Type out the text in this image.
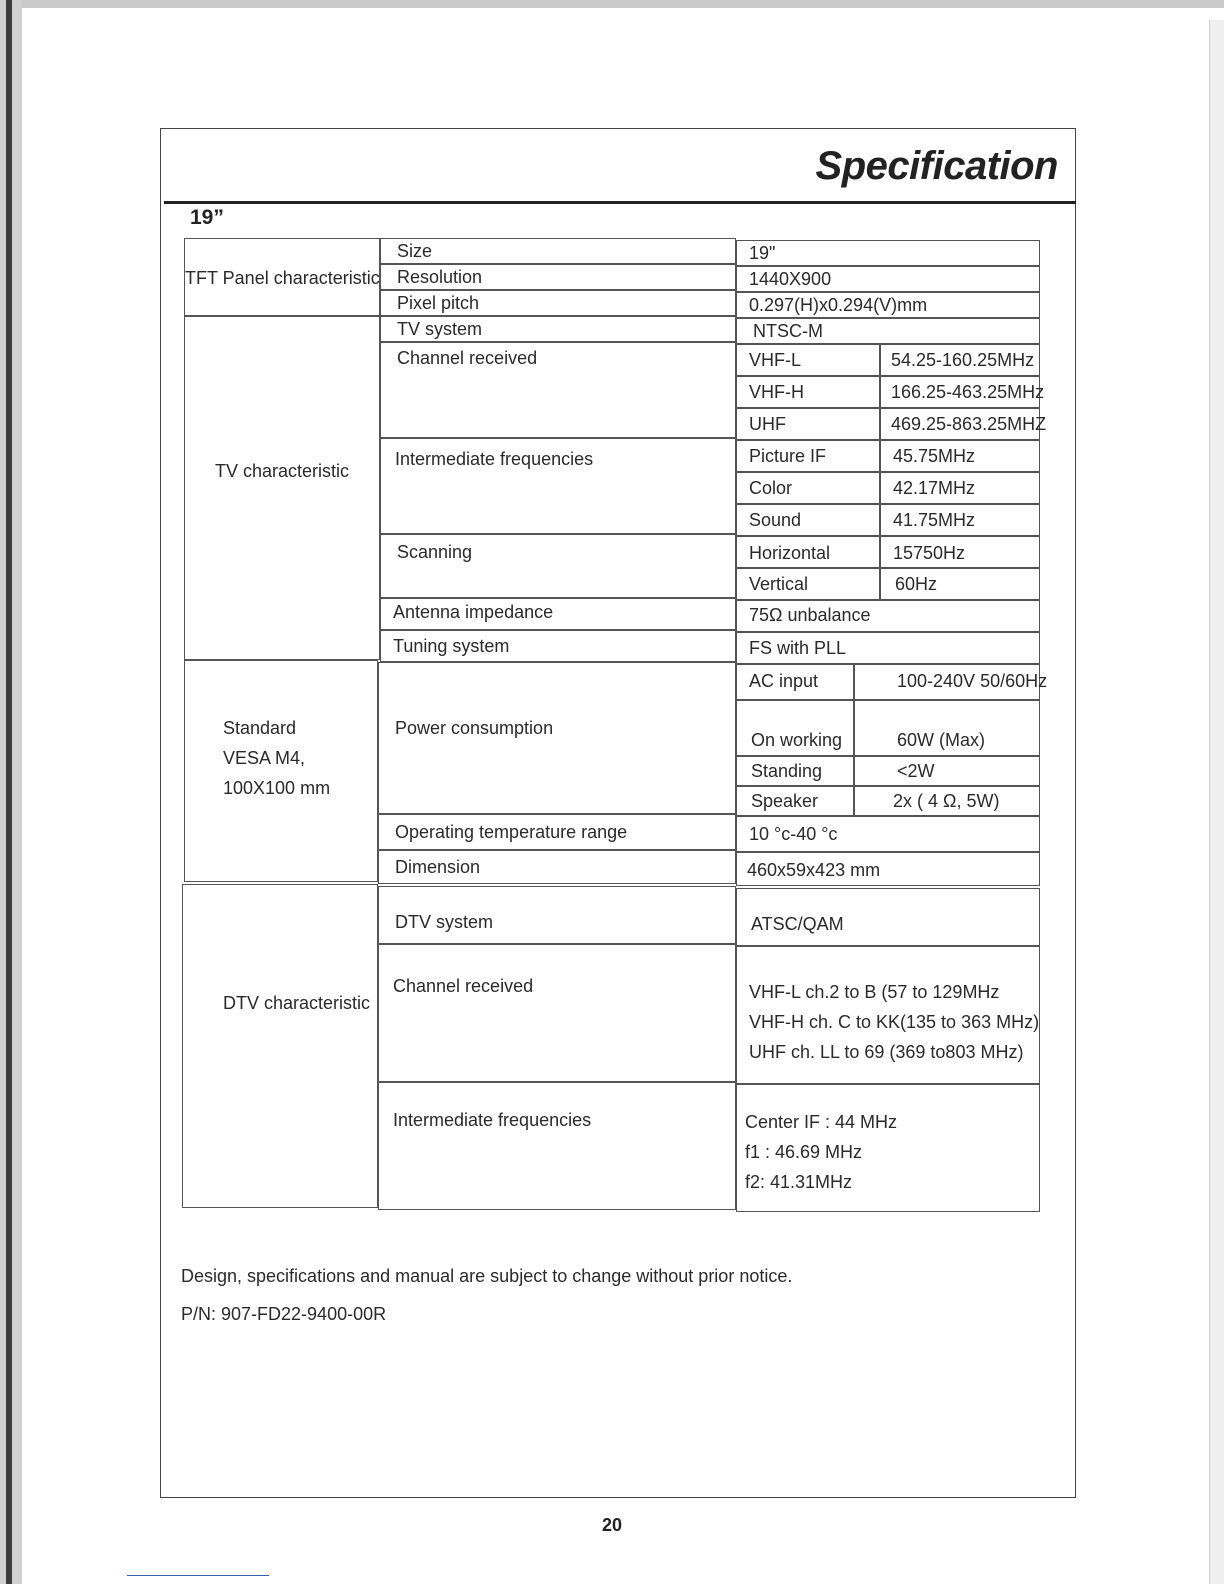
Specification
19”
TFT Panel characteristic
Size	19"
Resolution	1440X900
Pixel pitch	0.297(H)x0.294(V)mm
TV characteristic
TV system	NTSC-M
Channel received	VHF-L	54.25-160.25MHz
VHF-H	166.25-463.25MHz
UHF	469.25-863.25MHZ
Intermediate frequencies	Picture IF	45.75MHz
Color	42.17MHz
Sound	41.75MHz
Scanning	Horizontal	15750Hz
Vertical	60Hz
Antenna impedance	75Ω unbalance
Tuning system	FS with PLL
Standard
VESA M4,
100X100 mm
Power consumption
AC input	100-240V 50/60Hz
On working	60W (Max)
Standing	<2W
Speaker	2x ( 4 Ω, 5W)
Operating temperature range	10 °c-40 °c
Dimension	460x59x423 mm
DTV characteristic
DTV system	ATSC/QAM
Channel received	VHF-L ch.2 to B (57 to 129MHz
VHF-H ch. C to KK(135 to 363 MHz)
UHF ch. LL to 69 (369 to803 MHz)
Intermediate frequencies	Center IF : 44 MHz
f1 : 46.69 MHz
f2: 41.31MHz
Design, specifications and manual are subject to change without prior notice.
P/N: 907-FD22-9400-00R
20
